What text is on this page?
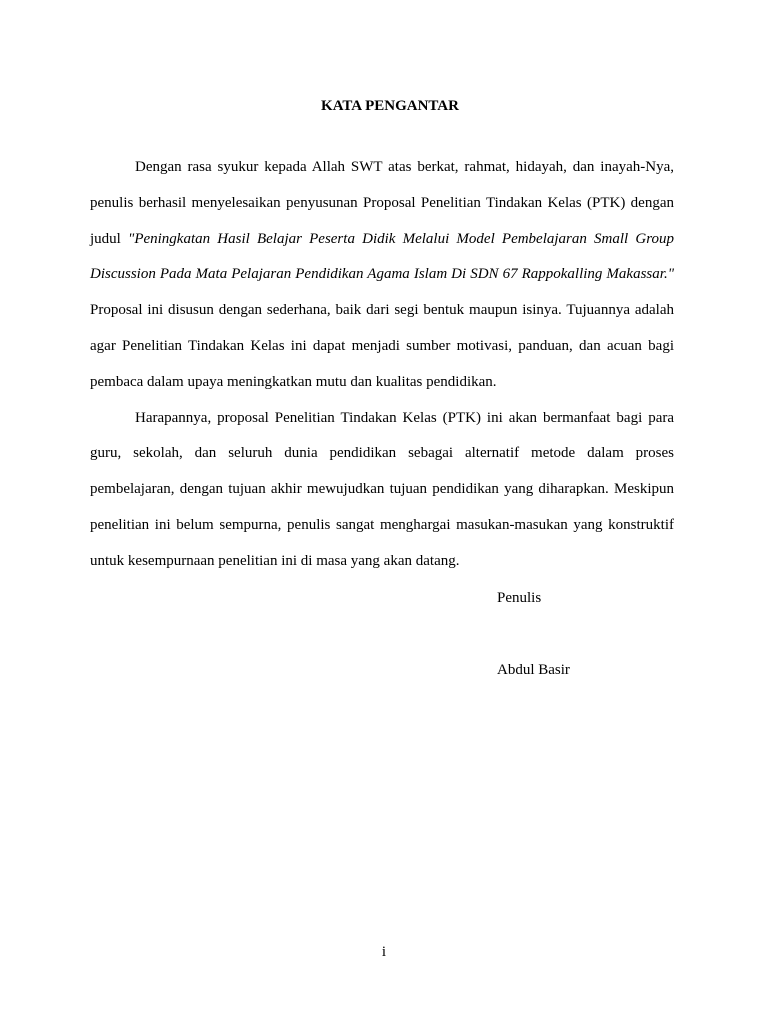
KATA PENGANTAR

Dengan rasa syukur kepada Allah SWT atas berkat, rahmat, hidayah, dan inayah-Nya, penulis berhasil menyelesaikan penyusunan Proposal Penelitian Tindakan Kelas (PTK) dengan judul "Peningkatan Hasil Belajar Peserta Didik Melalui Model Pembelajaran Small Group Discussion Pada Mata Pelajaran Pendidikan Agama Islam Di SDN 67 Rappokalling Makassar." Proposal ini disusun dengan sederhana, baik dari segi bentuk maupun isinya. Tujuannya adalah agar Penelitian Tindakan Kelas ini dapat menjadi sumber motivasi, panduan, dan acuan bagi pembaca dalam upaya meningkatkan mutu dan kualitas pendidikan.

Harapannya, proposal Penelitian Tindakan Kelas (PTK) ini akan bermanfaat bagi para guru, sekolah, dan seluruh dunia pendidikan sebagai alternatif metode dalam proses pembelajaran, dengan tujuan akhir mewujudkan tujuan pendidikan yang diharapkan. Meskipun penelitian ini belum sempurna, penulis sangat menghargai masukan-masukan yang konstruktif untuk kesempurnaan penelitian ini di masa yang akan datang.

Penulis

Abdul Basir

i
